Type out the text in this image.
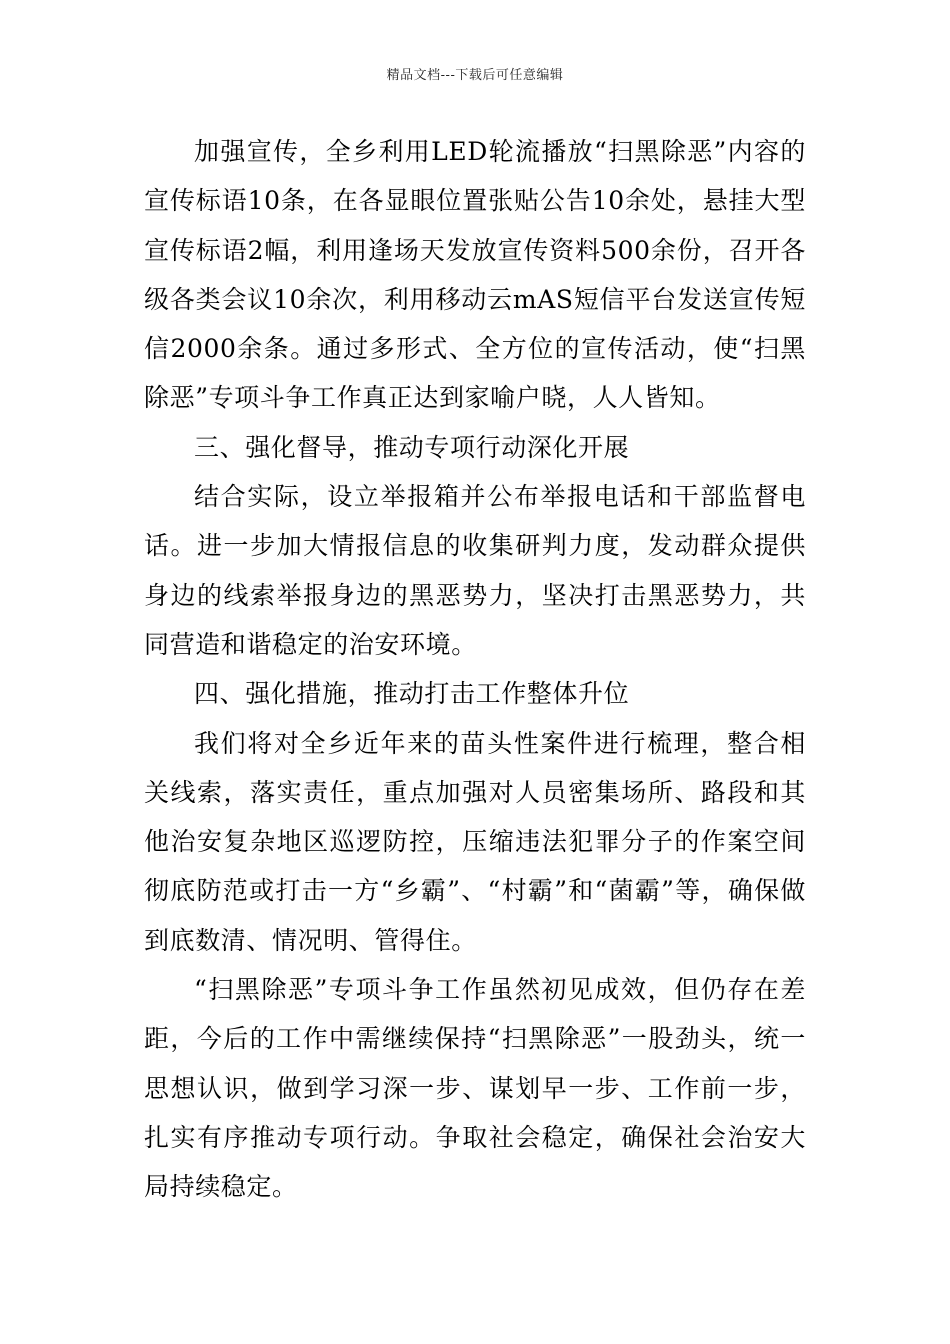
精品文档---下载后可任意编辑

加强宣传，全乡利用LED轮流播放“扫黑除恶”内容的宣传标语10条，在各显眼位置张贴公告10余处，悬挂大型宣传标语2幅，利用逢场天发放宣传资料500余份，召开各级各类会议10余次，利用移动云mAS短信平台发送宣传短信2000余条。通过多形式、全方位的宣传活动，使“扫黑除恶”专项斗争工作真正达到家喻户晓，人人皆知。

三、强化督导，推动专项行动深化开展

结合实际，设立举报箱并公布举报电话和干部监督电话。进一步加大情报信息的收集研判力度，发动群众提供身边的线索举报身边的黑恶势力，坚决打击黑恶势力，共同营造和谐稳定的治安环境。

四、强化措施，推动打击工作整体升位

我们将对全乡近年来的苗头性案件进行梳理，整合相关线索，落实责任，重点加强对人员密集场所、路段和其他治安复杂地区巡逻防控，压缩违法犯罪分子的作案空间彻底防范或打击一方“乡霸”、“村霸”和“菌霸”等，确保做到底数清、情况明、管得住。

“扫黑除恶”专项斗争工作虽然初见成效，但仍存在差距，今后的工作中需继续保持“扫黑除恶”一股劲头，统一思想认识，做到学习深一步、谋划早一步、工作前一步，扎实有序推动专项行动。争取社会稳定，确保社会治安大局持续稳定。
